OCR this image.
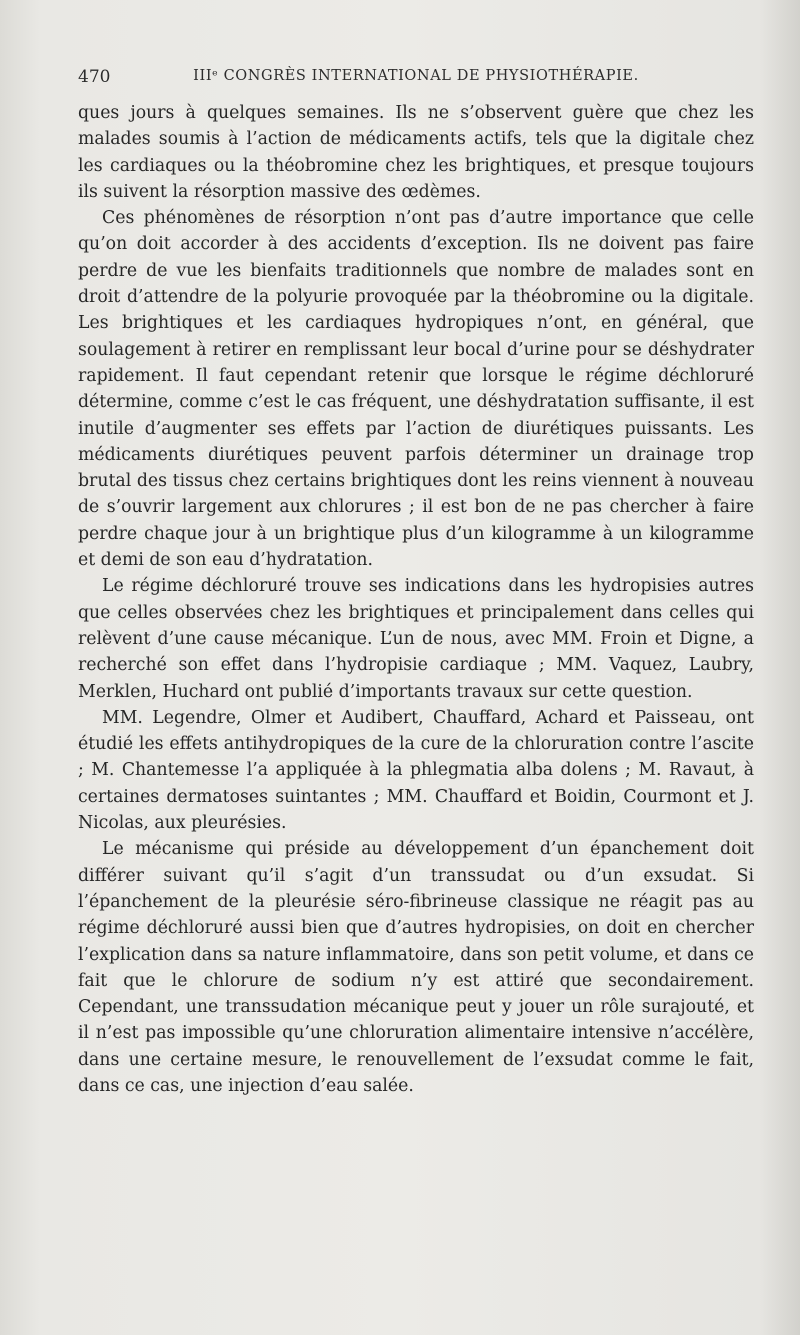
470	IIIᵉ CONGRÈS INTERNATIONAL DE PHYSIOTHÉRAPIE.

ques jours à quelques semaines. Ils ne s’observent guère que chez les malades soumis à l’action de médicaments actifs, tels que la digitale chez les cardiaques ou la théobromine chez les brightiques, et presque toujours ils suivent la résorption massive des œdèmes.

Ces phénomènes de résorption n’ont pas d’autre importance que celle qu’on doit accorder à des accidents d’exception. Ils ne doivent pas faire perdre de vue les bienfaits traditionnels que nombre de malades sont en droit d’attendre de la polyurie provoquée par la théobromine ou la digitale. Les brightiques et les cardiaques hydropiques n’ont, en général, que soulagement à retirer en remplissant leur bocal d’urine pour se déshydrater rapidement. Il faut cependant retenir que lorsque le régime déchloruré détermine, comme c’est le cas fréquent, une déshydratation suffisante, il est inutile d’augmenter ses effets par l’action de diurétiques puissants. Les médicaments diurétiques peuvent parfois déterminer un drainage trop brutal des tissus chez certains brightiques dont les reins viennent à nouveau de s’ouvrir largement aux chlorures ; il est bon de ne pas chercher à faire perdre chaque jour à un brightique plus d’un kilogramme à un kilogramme et demi de son eau d’hydratation.

Le régime déchloruré trouve ses indications dans les hydropisies autres que celles observées chez les brightiques et principalement dans celles qui relèvent d’une cause mécanique. L’un de nous, avec MM. Froin et Digne, a recherché son effet dans l’hydropisie cardiaque ; MM. Vaquez, Laubry, Merklen, Huchard ont publié d’importants travaux sur cette question.

MM. Legendre, Olmer et Audibert, Chauffard, Achard et Paisseau, ont étudié les effets antihydropiques de la cure de la chloruration contre l’ascite ; M. Chantemesse l’a appliquée à la phlegmatia alba dolens ; M. Ravaut, à certaines dermatoses suintantes ; MM. Chauffard et Boidin, Courmont et J. Nicolas, aux pleurésies.

Le mécanisme qui préside au développement d’un épanchement doit différer suivant qu’il s’agit d’un transsudat ou d’un exsudat. Si l’épanchement de la pleurésie séro-fibrineuse classique ne réagit pas au régime déchloruré aussi bien que d’autres hydropisies, on doit en chercher l’explication dans sa nature inflammatoire, dans son petit volume, et dans ce fait que le chlorure de sodium n’y est attiré que secondairement. Cependant, une transsudation mécanique peut y jouer un rôle surajouté, et il n’est pas impossible qu’une chloruration alimentaire intensive n’accélère, dans une certaine mesure, le renouvellement de l’exsudat comme le fait, dans ce cas, une injection d’eau salée.
